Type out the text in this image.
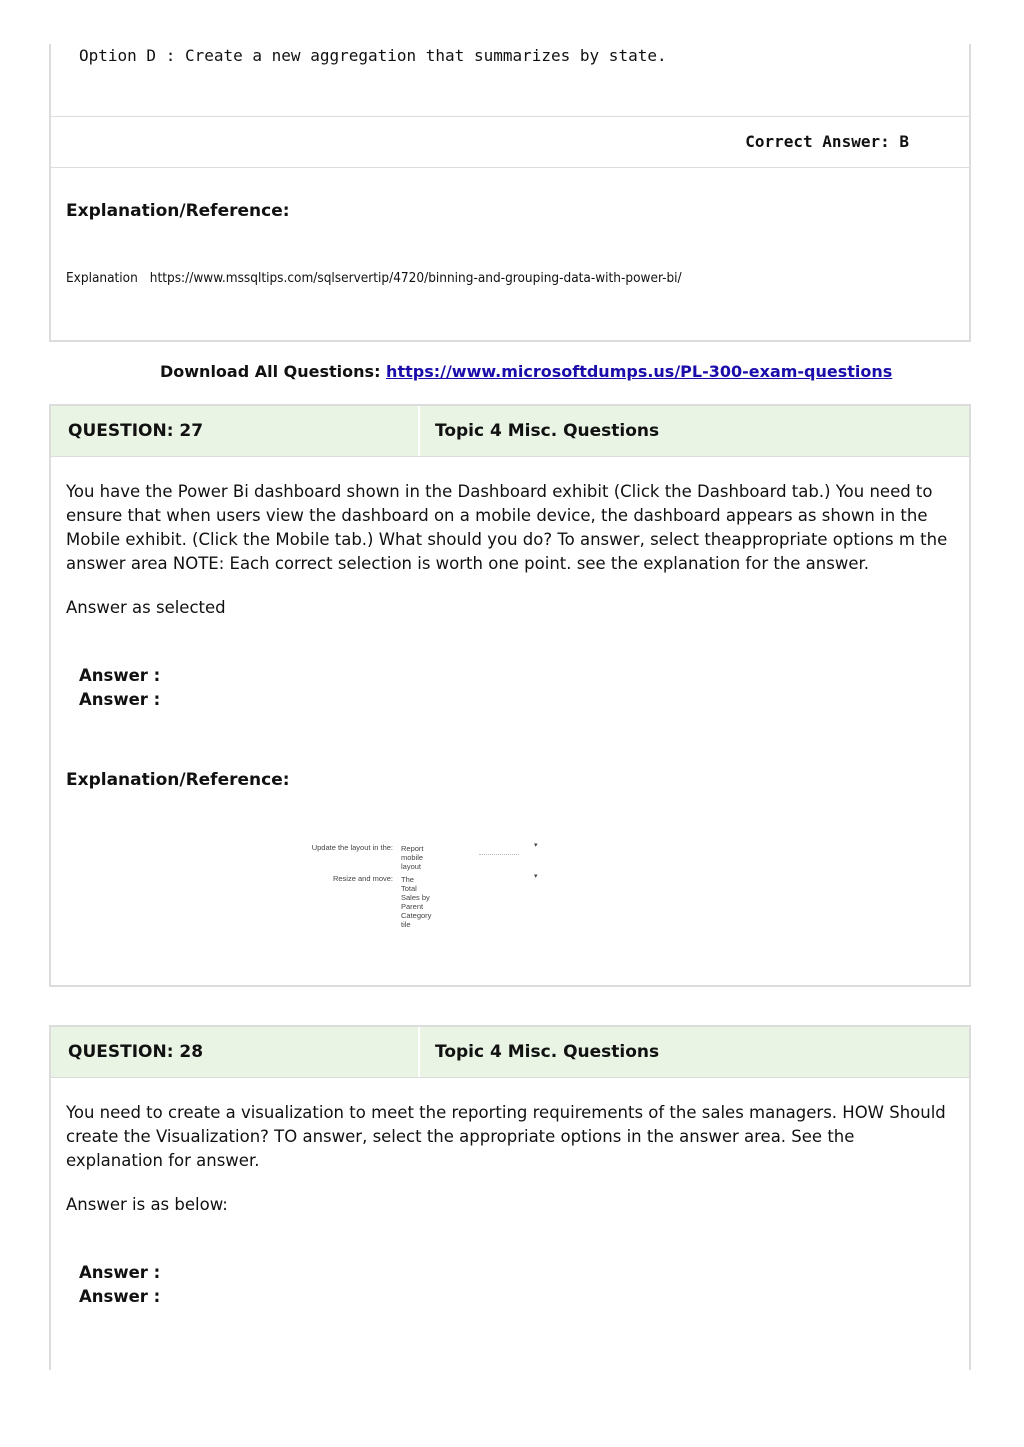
Option D : Create a new aggregation that summarizes by state.
Correct Answer: B
Explanation/Reference:
Explanation https://www.mssqltips.com/sqlservertip/4720/binning-and-grouping-data-with-power-bi/
Download All Questions: https://www.microsoftdumps.us/PL-300-exam-questions
QUESTION: 27	Topic 4 Misc. Questions
You have the Power Bi dashboard shown in the Dashboard exhibit (Click the Dashboard tab.) You need to ensure that when users view the dashboard on a mobile device, the dashboard appears as shown in the Mobile exhibit. (Click the Mobile tab.) What should you do? To answer, select theappropriate options m the answer area NOTE: Each correct selection is worth one point. see the explanation for the answer.
Answer as selected
Answer :
Answer :
Explanation/Reference:
Update the layout in the: Report mobile layout
▾
Resize and move: The Total Sales by Parent Category tile
▾
QUESTION: 28	Topic 4 Misc. Questions
You need to create a visualization to meet the reporting requirements of the sales managers. HOW Should create the Visualization? TO answer, select the appropriate options in the answer area. See the explanation for answer.
Answer is as below:
Answer :
Answer :
